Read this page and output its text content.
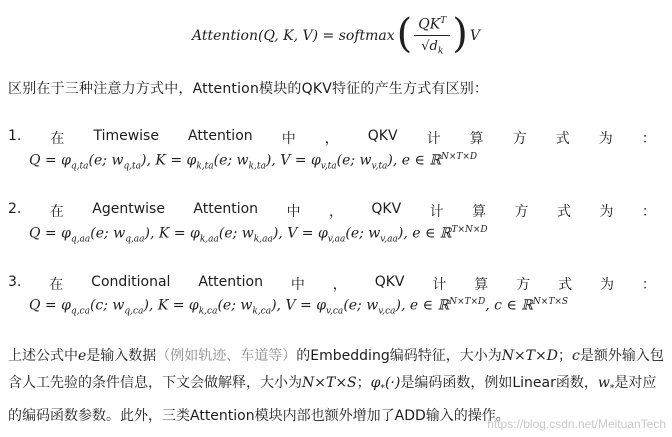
Attention(Q, K, V) = softmax ( $\frac{QK^T}{√d_k}$ ) V
区别在于三种注意力方式中，Attention模块的QKV特征的产生方式有区别：
1. 在 Timewise Attention 中 ， QKV 计 算 方 式 为 ：
$Q = \varphi_{q,ta}(e$; $w_{q,ta}$), $K = \varphi_{k,ta}(e$; $w_{k,ta}$), $V = \varphi_{v,ta}(e$; $w_{v,ta}$), e ∈ ℝ$^{N\times T\times D}$
2. 在 Agentwise Attention 中 ， QKV 计 算 方 式 为 ：
$Q = \varphi_{q,aa}(e$; $w_{q,aa}$), $K = \varphi_{k,aa}(e$; $w_{k,aa}$), $V = \varphi_{v,aa}(e$; $w_{v,aa}$), e ∈ ℝ$^{T\times N\times D}$
3. 在 Conditional Attention 中 ， QKV 计 算 方 式 为 ：
$Q = \varphi_{q,ca}(c$; $w_{q,ca}$), $K = \varphi_{k,ca}(e$; $w_{k,ca}$), $V = \varphi_{v,ca}(e$; $w_{v,ca}$), e ∈ ℝ$^{N\times T\times D}$, c ∈ ℝ$^{N\times T\times S}$
上述公式中e是输入数据（例如轨迹、车道等）的Embedding编码特征，大小为N×T×D；c是额外输入包含人工先验的条件信息，下文会做解释，大小为N×T×S；$\varphi_*(\cdot)$是编码函数，例如Linear函数，$w_*$是对应的编码函数参数。此外，三类Attention模块内部也额外增加了ADD输入的操作。
https://blog.csdn.net/MeituanTech
